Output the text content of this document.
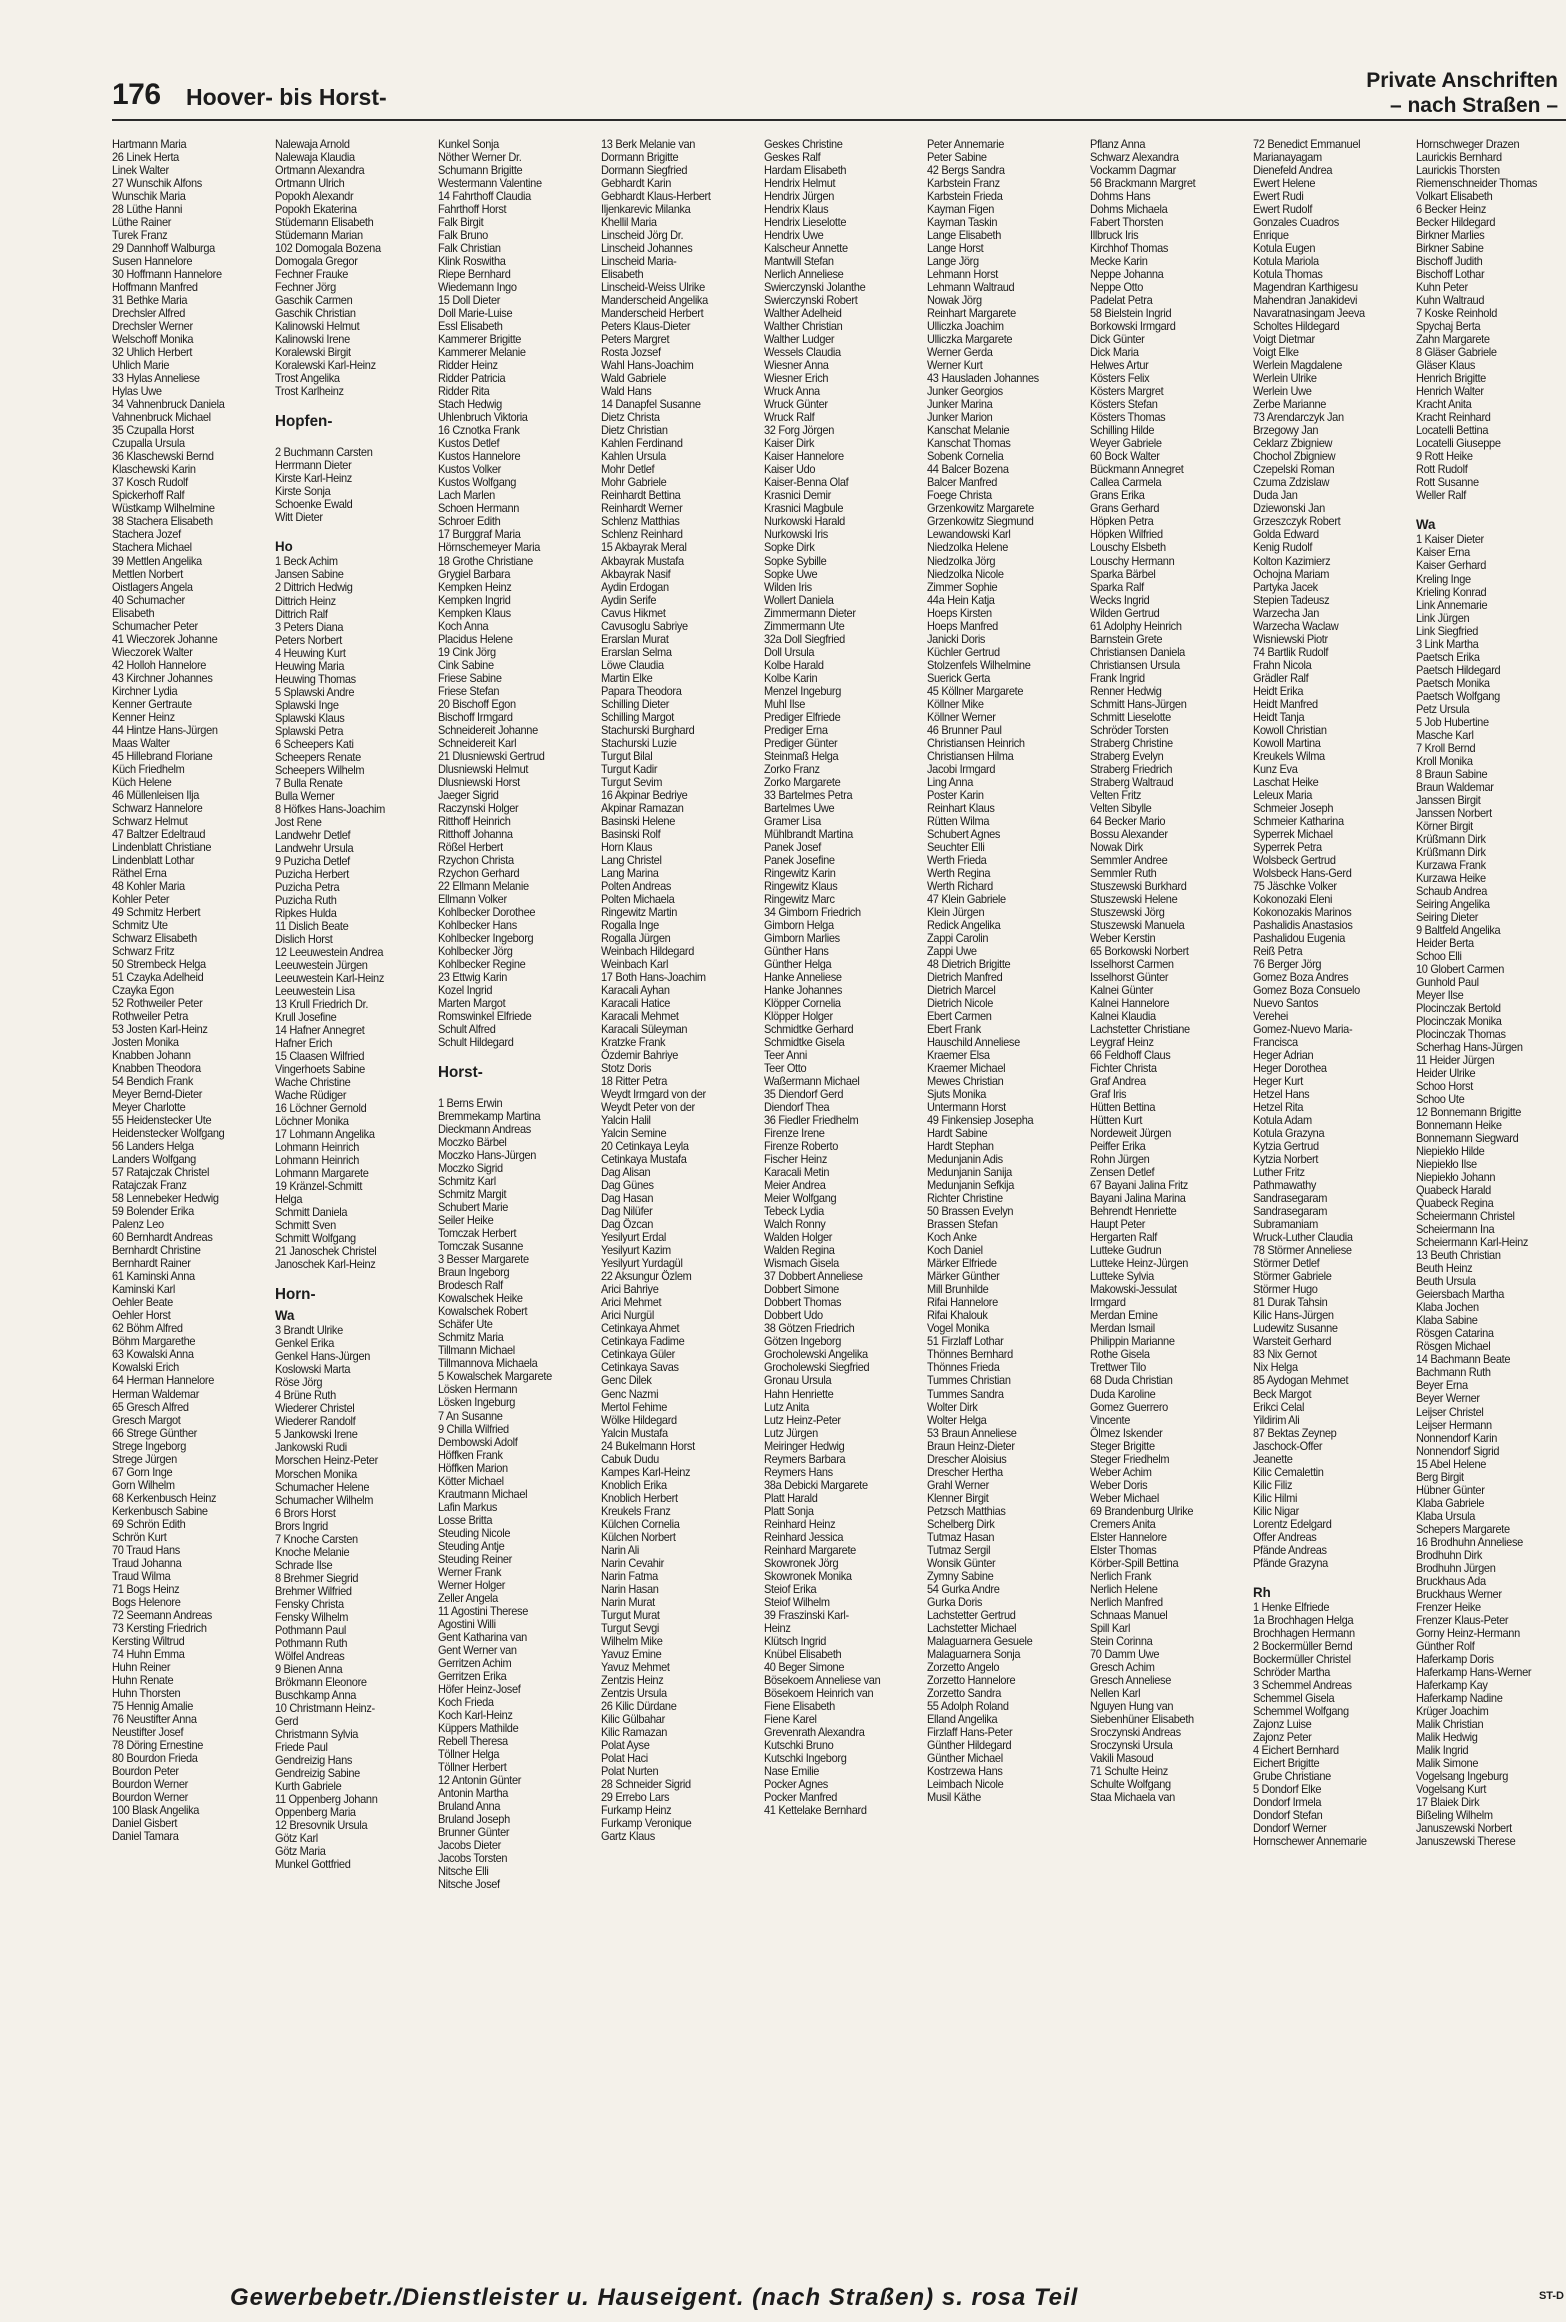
176 Hoover- bis Horst-
Private Anschriften
– nach Straßen –
Hartmann Maria
26 Linek Herta
Linek Walter
27 Wunschik Alfons
Wunschik Maria
28 Lüthe Hanni
Lüthe Rainer
Turek Franz
29 Dannhoff Walburga
Susen Hannelore
30 Hoffmann Hannelore
Hoffmann Manfred
31 Bethke Maria
Drechsler Alfred
Drechsler Werner
Welschoff Monika
32 Uhlich Herbert
Uhlich Marie
33 Hylas Anneliese
Hylas Uwe
34 Vahnenbruck Daniela
Vahnenbruck Michael
35 Czupalla Horst
Czupalla Ursula
36 Klaschewski Bernd
Klaschewski Karin
37 Kosch Rudolf
Spickerhoff Ralf
Wüstkamp Wilhelmine
38 Stachera Elisabeth
Stachera Jozef
Stachera Michael
39 Mettlen Angelika
Mettlen Norbert
Oistlagers Angela
40 Schumacher
Elisabeth
Schumacher Peter
41 Wieczorek Johanne
Wieczorek Walter
42 Holloh Hannelore
43 Kirchner Johannes
Kirchner Lydia
Kenner Gertraute
Kenner Heinz
44 Hintze Hans-Jürgen
Maas Walter
45 Hillebrand Floriane
Küch Friedhelm
Küch Helene
46 Müllenleisen Ilja
Schwarz Hannelore
Schwarz Helmut
47 Baltzer Edeltraud
Lindenblatt Christiane
Lindenblatt Lothar
Räthel Erna
48 Kohler Maria
Kohler Peter
49 Schmitz Herbert
Schmitz Ute
Schwarz Elisabeth
Schwarz Fritz
50 Strembeck Helga
51 Czayka Adelheid
Czayka Egon
52 Rothweiler Peter
Rothweiler Petra
53 Josten Karl-Heinz
Josten Monika
Knabben Johann
Knabben Theodora
54 Bendich Frank
Meyer Bernd-Dieter
Meyer Charlotte
55 Heidenstecker Ute
Heidenstecker Wolfgang
56 Landers Helga
Landers Wolfgang
57 Ratajczak Christel
Ratajczak Franz
58 Lennebeker Hedwig
59 Bolender Erika
Palenz Leo
60 Bernhardt Andreas
Bernhardt Christine
Bernhardt Rainer
61 Kaminski Anna
Kaminski Karl
Oehler Beate
Oehler Horst
62 Böhm Alfred
Böhm Margarethe
63 Kowalski Anna
Kowalski Erich
64 Herman Hannelore
Herman Waldemar
65 Gresch Alfred
Gresch Margot
66 Strege Günther
Strege Ingeborg
Strege Jürgen
67 Gorn Inge
Gorn Wilhelm
68 Kerkenbusch Heinz
Kerkenbusch Sabine
69 Schrön Edith
Schrön Kurt
70 Traud Hans
Traud Johanna
Traud Wilma
71 Bogs Heinz
Bogs Helenore
72 Seemann Andreas
73 Kersting Friedrich
Kersting Wiltrud
74 Huhn Emma
Huhn Reiner
Huhn Renate
Huhn Thorsten
75 Hennig Amalie
76 Neustifter Anna
Neustifter Josef
78 Döring Ernestine
80 Bourdon Frieda
Bourdon Peter
Bourdon Werner
Bourdon Werner
100 Blask Angelika
Daniel Gisbert
Daniel Tamara
Nalewaja Arnold
Nalewaja Klaudia
Ortmann Alexandra
Ortmann Ulrich
Popokh Alexandr
Popokh Ekaterina
Stüdemann Elisabeth
Stüdemann Marian
102 Domogala Bozena
Domogala Gregor
Fechner Frauke
Fechner Jörg
Gaschik Carmen
Gaschik Christian
Kalinowski Helmut
Kalinowski Irene
Koralewski Birgit
Koralewski Karl-Heinz
Trost Angelika
Trost Karlheinz

Hopfen-

2 Buchmann Carsten
Herrmann Dieter
Kirste Karl-Heinz
Kirste Sonja
Schoenke Ewald
Witt Dieter

Ho
1 Beck Achim
Jansen Sabine
2 Dittrich Hedwig
Dittrich Heinz
Dittrich Ralf
3 Peters Diana
Peters Norbert
4 Heuwing Kurt
Heuwing Maria
Heuwing Thomas
5 Splawski Andre
Splawski Inge
Splawski Klaus
Splawski Petra
6 Scheepers Kati
Scheepers Renate
Scheepers Wilhelm
7 Bulla Renate
Bulla Werner
8 Höfkes Hans-Joachim
Jost Rene
Landwehr Detlef
Landwehr Ursula
9 Puzicha Detlef
Puzicha Herbert
Puzicha Petra
Puzicha Ruth
Ripkes Hulda
11 Dislich Beate
Dislich Horst
12 Leeuwestein Andrea
Leeuwestein Jürgen
Leeuwestein Karl-Heinz
Leeuwestein Lisa
13 Krull Friedrich Dr.
Krull Josefine
14 Hafner Annegret
Hafner Erich
15 Claasen Wilfried
Vingerhoets Sabine
Wache Christine
Wache Rüdiger
16 Löchner Gernold
Löchner Monika
17 Lohmann Angelika
Lohmann Heinrich
Lohmann Heinrich
Lohmann Margarete
19 Kränzel-Schmitt
Helga
Schmitt Daniela
Schmitt Sven
Schmitt Wolfgang
21 Janoschek Christel
Janoschek Karl-Heinz

Horn-
Wa
3 Brandt Ulrike
Genkel Erika
Genkel Hans-Jürgen
Koslowski Marta
Röse Jörg
4 Brüne Ruth
Wiederer Christel
Wiederer Randolf
5 Jankowski Irene
Jankowski Rudi
Morschen Heinz-Peter
Morschen Monika
Schumacher Helene
Schumacher Wilhelm
6 Brors Horst
Brors Ingrid
7 Knoche Carsten
Knoche Melanie
Schrade Ilse
8 Brehmer Siegrid
Brehmer Wilfried
Fensky Christa
Fensky Wilhelm
Pothmann Paul
Pothmann Ruth
Wölfel Andreas
9 Bienen Anna
Brökmann Eleonore
Buschkamp Anna
10 Christmann Heinz-
Gerd
Christmann Sylvia
Friede Paul
Gendreizig Hans
Gendreizig Sabine
Kurth Gabriele
11 Oppenberg Johann
Oppenberg Maria
12 Bresovnik Ursula
Götz Karl
Götz Maria
Munkel Gottfried
Kunkel Sonja
Nöther Werner Dr.
Schumann Brigitte
Westermann Valentine
14 Fahrthoff Claudia
Fahrthoff Horst
Falk Birgit
Falk Bruno
Falk Christian
Klink Roswitha
Riepe Bernhard
Wiedemann Ingo
15 Doll Dieter
Doll Marie-Luise
Essl Elisabeth
Kammerer Brigitte
Kammerer Melanie
Ridder Heinz
Ridder Patricia
Ridder Rita
Stach Hedwig
Uhlenbruch Viktoria
16 Cznotka Frank
Kustos Detlef
Kustos Hannelore
Kustos Volker
Kustos Wolfgang
Lach Marlen
Schoen Hermann
Schroer Edith
17 Burggraf Maria
Hörnschemeyer Maria
18 Grothe Christiane
Grygiel Barbara
Kempken Heinz
Kempken Ingrid
Kempken Klaus
Koch Anna
Placidus Helene
19 Cink Jörg
Cink Sabine
Friese Sabine
Friese Stefan
20 Bischoff Egon
Bischoff Irmgard
Schneidereit Johanne
Schneidereit Karl
21 Dlusniewski Gertrud
Dlusniewski Helmut
Dlusniewski Horst
Jaeger Sigrid
Raczynski Holger
Ritthoff Heinrich
Ritthoff Johanna
Rößel Herbert
Rzychon Christa
Rzychon Gerhard
22 Ellmann Melanie
Ellmann Volker
Kohlbecker Dorothee
Kohlbecker Hans
Kohlbecker Ingeborg
Kohlbecker Jörg
Kohlbecker Regine
23 Ettwig Karin
Kozel Ingrid
Marten Margot
Romswinkel Elfriede
Schult Alfred
Schult Hildegard

Horst-

1 Berns Erwin
Bremmekamp Martina
Dieckmann Andreas
Moczko Bärbel
Moczko Hans-Jürgen
Moczko Sigrid
Schmitz Karl
Schmitz Margit
Schubert Marie
Seiler Heike
Tomczak Herbert
Tomczak Susanne
3 Besser Margarete
Braun Ingeborg
Brodesch Ralf
Kowalschek Heike
Kowalschek Robert
Schäfer Ute
Schmitz Maria
Tillmann Michael
Tillmannova Michaela
5 Kowalschek Margarete
Lösken Hermann
Lösken Ingeburg
7 An Susanne
9 Chilla Wilfried
Dembowski Adolf
Höffken Frank
Höffken Marion
Kötter Michael
Krautmann Michael
Lafin Markus
Losse Britta
Steuding Nicole
Steuding Antje
Steuding Reiner
Werner Frank
Werner Holger
Zeller Angela
11 Agostini Therese
Agostini Willi
Gent Katharina van
Gent Werner van
Gerritzen Achim
Gerritzen Erika
Höfer Heinz-Josef
Koch Frieda
Koch Karl-Heinz
Küppers Mathilde
Rebell Theresa
Töllner Helga
Töllner Herbert
12 Antonin Günter
Antonin Martha
Bruland Anna
Bruland Joseph
Brunner Günter
Jacobs Dieter
Jacobs Torsten
Nitsche Elli
Nitsche Josef
13 Berk Melanie van
Dormann Brigitte
Dormann Siegfried
Gebhardt Karin
Gebhardt Klaus-Herbert
Iljenkarevic Milanka
Khellil Maria
Linscheid Jörg Dr.
Linscheid Johannes
Linscheid Maria-
Elisabeth
Linscheid-Weiss Ulrike
Manderscheid Angelika
Manderscheid Herbert
Peters Klaus-Dieter
Peters Margret
Rosta Jozsef
Wahl Hans-Joachim
Wald Gabriele
Wald Hans
14 Danapfel Susanne
Dietz Christa
Dietz Christian
Kahlen Ferdinand
Kahlen Ursula
Mohr Detlef
Mohr Gabriele
Reinhardt Bettina
Reinhardt Werner
Schlenz Matthias
Schlenz Reinhard
15 Akbayrak Meral
Akbayrak Mustafa
Akbayrak Nasif
Aydin Erdogan
Aydin Serife
Cavus Hikmet
Cavusoglu Sabriye
Erarslan Murat
Erarslan Selma
Löwe Claudia
Martin Elke
Papara Theodora
Schilling Dieter
Schilling Margot
Stachurski Burghard
Stachurski Luzie
Turgut Bilal
Turgut Kadir
Turgut Sevim
16 Akpinar Bedriye
Akpinar Ramazan
Basinski Helene
Basinski Rolf
Horn Klaus
Lang Christel
Lang Marina
Polten Andreas
Polten Michaela
Ringewitz Martin
Rogalla Inge
Rogalla Jürgen
Weinbach Hildegard
Weinbach Karl
17 Both Hans-Joachim
Karacali Ayhan
Karacali Hatice
Karacali Mehmet
Karacali Süleyman
Kratzke Frank
Özdemir Bahriye
Stotz Doris
18 Ritter Petra
Weydt Irmgard von der
Weydt Peter von der
Yalcin Halil
Yalcin Semine
20 Cetinkaya Leyla
Cetinkaya Mustafa
Dag Alisan
Dag Günes
Dag Hasan
Dag Nilüfer
Dag Özcan
Yesilyurt Erdal
Yesilyurt Kazim
Yesilyurt Yurdagül
22 Aksungur Özlem
Arici Bahriye
Arici Mehmet
Arici Nurgül
Cetinkaya Ahmet
Cetinkaya Fadime
Cetinkaya Güler
Cetinkaya Savas
Genc Dilek
Genc Nazmi
Mertol Fehime
Wölke Hildegard
Yalcin Mustafa
24 Bukelmann Horst
Cabuk Dudu
Kampes Karl-Heinz
Knoblich Erika
Knoblich Herbert
Kreukels Franz
Külchen Cornelia
Külchen Norbert
Narin Ali
Narin Cevahir
Narin Fatma
Narin Hasan
Narin Murat
Turgut Murat
Turgut Sevgi
Wilhelm Mike
Yavuz Emine
Yavuz Mehmet
Zentzis Heinz
Zentzis Ursula
26 Kilic Dürdane
Kilic Gülbahar
Kilic Ramazan
Polat Ayse
Polat Haci
Polat Nurten
28 Schneider Sigrid
29 Errebo Lars
Furkamp Heinz
Furkamp Veronique
Gartz Klaus
Geskes Christine
Geskes Ralf
Hardam Elisabeth
Hendrix Helmut
Hendrix Jürgen
Hendrix Klaus
Hendrix Lieselotte
Hendrix Uwe
Kalscheur Annette
Mantwill Stefan
Nerlich Anneliese
Swierczynski Jolanthe
Swierczynski Robert
Walther Adelheid
Walther Christian
Walther Ludger
Wessels Claudia
Wiesner Anna
Wiesner Erich
Wruck Anna
Wruck Günter
Wruck Ralf
32 Forg Jörgen
Kaiser Dirk
Kaiser Hannelore
Kaiser Udo
Kaiser-Benna Olaf
Krasnici Demir
Krasnici Magbule
Nurkowski Harald
Nurkowski Iris
Sopke Dirk
Sopke Sybille
Sopke Uwe
Wilden Iris
Wollert Daniela
Zimmermann Dieter
Zimmermann Ute
32a Doll Siegfried
Doll Ursula
Kolbe Harald
Kolbe Karin
Menzel Ingeburg
Muhl Ilse
Prediger Elfriede
Prediger Erna
Prediger Günter
Steinmaß Helga
Zorko Franz
Zorko Margarete
33 Bartelmes Petra
Bartelmes Uwe
Gramer Lisa
Mühlbrandt Martina
Panek Josef
Panek Josefine
Ringewitz Karin
Ringewitz Klaus
Ringewitz Marc
34 Gimborn Friedrich
Gimborn Helga
Gimborn Marlies
Günther Hans
Günther Helga
Hanke Anneliese
Hanke Johannes
Klöpper Cornelia
Klöpper Holger
Schmidtke Gerhard
Schmidtke Gisela
Teer Anni
Teer Otto
Waßermann Michael
35 Diendorf Gerd
Diendorf Thea
36 Fiedler Friedhelm
Firenze Irene
Firenze Roberto
Fischer Heinz
Karacali Metin
Meier Andrea
Meier Wolfgang
Tebeck Lydia
Walch Ronny
Walden Holger
Walden Regina
Wismach Gisela
37 Dobbert Anneliese
Dobbert Simone
Dobbert Thomas
Dobbert Udo
38 Götzen Friedrich
Götzen Ingeborg
Grocholewski Angelika
Grocholewski Siegfried
Gronau Ursula
Hahn Henriette
Lutz Anita
Lutz Heinz-Peter
Lutz Jürgen
Meiringer Hedwig
Reymers Barbara
Reymers Hans
38a Debicki Margarete
Platt Harald
Platt Sonja
Reinhard Heinz
Reinhard Jessica
Reinhard Margarete
Skowronek Jörg
Skowronek Monika
Steiof Erika
Steiof Wilhelm
39 Fraszinski Karl-
Heinz
Klütsch Ingrid
Knübel Elisabeth
40 Beger Simone
Bösekoem Anneliese van
Bösekoem Heinrich van
Fiene Elisabeth
Fiene Karel
Grevenrath Alexandra
Kutschki Bruno
Kutschki Ingeborg
Nase Emilie
Pocker Agnes
Pocker Manfred
41 Kettelake Bernhard
Peter Annemarie
Peter Sabine
42 Bergs Sandra
Karbstein Franz
Karbstein Frieda
Kayman Figen
Kayman Taskin
Lange Elisabeth
Lange Horst
Lange Jörg
Lehmann Horst
Lehmann Waltraud
Nowak Jörg
Reinhart Margarete
Ulliczka Joachim
Ulliczka Margarete
Werner Gerda
Werner Kurt
43 Hausladen Johannes
Junker Georgios
Junker Marina
Junker Marion
Kanschat Melanie
Kanschat Thomas
Sobenk Cornelia
44 Balcer Bozena
Balcer Manfred
Foege Christa
Grzenkowitz Margarete
Grzenkowitz Siegmund
Lewandowski Karl
Niedzolka Helene
Niedzolka Jörg
Niedzolka Nicole
Zimmer Sophie
44a Hein Katja
Hoeps Kirsten
Hoeps Manfred
Janicki Doris
Küchler Gertrud
Stolzenfels Wilhelmine
Suerick Gerta
45 Köllner Margarete
Köllner Mike
Köllner Werner
46 Brunner Paul
Christiansen Heinrich
Christiansen Hilma
Jacobi Irmgard
Ling Anna
Poster Karin
Reinhart Klaus
Rütten Wilma
Schubert Agnes
Seuchter Elli
Werth Frieda
Werth Regina
Werth Richard
47 Klein Gabriele
Klein Jürgen
Redick Angelika
Zappi Carolin
Zappi Uwe
48 Dietrich Brigitte
Dietrich Manfred
Dietrich Marcel
Dietrich Nicole
Ebert Carmen
Ebert Frank
Hauschild Anneliese
Kraemer Elsa
Kraemer Michael
Mewes Christian
Sjuts Monika
Untermann Horst
49 Finkensiep Josepha
Hardt Sabine
Hardt Stephan
Medunjanin Adis
Medunjanin Sanija
Medunjanin Sefkija
Richter Christine
50 Brassen Evelyn
Brassen Stefan
Koch Anke
Koch Daniel
Märker Elfriede
Märker Günther
Mill Brunhilde
Rifai Hannelore
Rifai Khalouk
Vogel Monika
51 Firzlaff Lothar
Thönnes Bernhard
Thönnes Frieda
Tummes Christian
Tummes Sandra
Wolter Dirk
Wolter Helga
53 Braun Anneliese
Braun Heinz-Dieter
Drescher Aloisius
Drescher Hertha
Grahl Werner
Klenner Birgit
Petzsch Matthias
Schelberg Dirk
Tutmaz Hasan
Tutmaz Sergil
Wonsik Günter
Zymny Sabine
54 Gurka Andre
Gurka Doris
Lachstetter Gertrud
Lachstetter Michael
Malaguarnera Gesuele
Malaguarnera Sonja
Zorzetto Angelo
Zorzetto Hannelore
Zorzetto Sandra
55 Adolph Roland
Elland Angelika
Firzlaff Hans-Peter
Günther Hildegard
Günther Michael
Kostrzewa Hans
Leimbach Nicole
Musil Käthe
Pflanz Anna
Schwarz Alexandra
Vockamm Dagmar
56 Brackmann Margret
Dohms Hans
Dohms Michaela
Fabert Thorsten
Illbruck Iris
Kirchhof Thomas
Mecke Karin
Neppe Johanna
Neppe Otto
Padelat Petra
58 Bielstein Ingrid
Borkowski Irmgard
Dick Günter
Dick Maria
Helwes Artur
Kösters Felix
Kösters Margret
Kösters Stefan
Kösters Thomas
Schilling Hilde
Weyer Gabriele
60 Bock Walter
Bückmann Annegret
Callea Carmela
Grans Erika
Grans Gerhard
Höpken Petra
Höpken Wilfried
Louschy Elsbeth
Louschy Hermann
Sparka Bärbel
Sparka Ralf
Wecks Ingrid
Wilden Gertrud
61 Adolphy Heinrich
Barnstein Grete
Christiansen Daniela
Christiansen Ursula
Frank Ingrid
Renner Hedwig
Schmitt Hans-Jürgen
Schmitt Lieselotte
Schröder Torsten
Straberg Christine
Straberg Evelyn
Straberg Friedrich
Straberg Waltraud
Velten Fritz
Velten Sibylle
64 Becker Mario
Bossu Alexander
Nowak Dirk
Semmler Andree
Semmler Ruth
Stuszewski Burkhard
Stuszewski Helene
Stuszewski Jörg
Stuszewski Manuela
Weber Kerstin
65 Borkowski Norbert
Isselhorst Carmen
Isselhorst Günter
Kalnei Günter
Kalnei Hannelore
Kalnei Klaudia
Lachstetter Christiane
Leygraf Heinz
66 Feldhoff Claus
Fichter Christa
Graf Andrea
Graf Iris
Hütten Bettina
Hütten Kurt
Nordeweit Jürgen
Peiffer Erika
Rohn Jürgen
Zensen Detlef
67 Bayani Jalina Fritz
Bayani Jalina Marina
Behrendt Henriette
Haupt Peter
Hergarten Ralf
Lutteke Gudrun
Lutteke Heinz-Jürgen
Lutteke Sylvia
Makowski-Jessulat
Irmgard
Merdan Emine
Merdan Ismail
Philippin Marianne
Rothe Gisela
Trettwer Tilo
68 Duda Christian
Duda Karoline
Gomez Guerrero
Vincente
Ölmez Iskender
Steger Brigitte
Steger Friedhelm
Weber Achim
Weber Doris
Weber Michael
69 Brandenburg Ulrike
Cremers Anita
Elster Hannelore
Elster Thomas
Körber-Spill Bettina
Nerlich Frank
Nerlich Helene
Nerlich Manfred
Schnaas Manuel
Spill Karl
Stein Corinna
70 Damm Uwe
Gresch Achim
Gresch Anneliese
Nellen Karl
Nguyen Hung van
Siebenhüner Elisabeth
Sroczynski Andreas
Sroczynski Ursula
Vakili Masoud
71 Schulte Heinz
Schulte Wolfgang
Staa Michaela van
72 Benedict Emmanuel
Marianayagam
Dienefeld Andrea
Ewert Helene
Ewert Rudi
Ewert Rudolf
Gonzales Cuadros
Enrique
Kotula Eugen
Kotula Mariola
Kotula Thomas
Magendran Karthigesu
Mahendran Janakidevi
Navaratnasingam Jeeva
Scholtes Hildegard
Voigt Dietmar
Voigt Elke
Werlein Magdalene
Werlein Ulrike
Werlein Uwe
Zerbe Marianne
73 Arendarczyk Jan
Brzegowy Jan
Ceklarz Zbigniew
Chochol Zbigniew
Czepelski Roman
Czuma Zdzislaw
Duda Jan
Dziewonski Jan
Grzeszczyk Robert
Golda Edward
Kenig Rudolf
Kolton Kazimierz
Ochojna Mariam
Partyka Jacek
Stepien Tadeusz
Warzecha Jan
Warzecha Waclaw
Wisniewski Piotr
74 Bartlik Rudolf
Frahn Nicola
Grädler Ralf
Heidt Erika
Heidt Manfred
Heidt Tanja
Kowoll Christian
Kowoll Martina
Kreukels Wilma
Kunz Eva
Laschat Heike
Leleux Maria
Schmeier Joseph
Schmeier Katharina
Syperrek Michael
Syperrek Petra
Wolsbeck Gertrud
Wolsbeck Hans-Gerd
75 Jäschke Volker
Kokonozaki Eleni
Kokonozakis Marinos
Pashalidis Anastasios
Pashalidou Eugenia
Reiß Petra
76 Berger Jörg
Gomez Boza Andres
Gomez Boza Consuelo
Nuevo Santos
Verehei
Gomez-Nuevo Maria-
Francisca
Heger Adrian
Heger Dorothea
Heger Kurt
Hetzel Hans
Hetzel Rita
Kotula Adam
Kotula Grazyna
Kytzia Gertrud
Kytzia Norbert
Luther Fritz
Pathmawathy
Sandrasegaram
Sandrasegaram
Subramaniam
Wruck-Luther Claudia
78 Störmer Anneliese
Störmer Detlef
Störmer Gabriele
Störmer Hugo
81 Durak Tahsin
Kilic Hans-Jürgen
Ludewitz Susanne
Warsteit Gerhard
83 Nix Gernot
Nix Helga
85 Aydogan Mehmet
Beck Margot
Erikci Celal
Yildirim Ali
87 Bektas Zeynep
Jaschock-Offer
Jeanette
Kilic Cemalettin
Kilic Filiz
Kilic Hilmi
Kilic Nigar
Lorentz Edelgard
Offer Andreas
Pfände Andreas
Pfände Grazyna

Rh
1 Henke Elfriede
1a Brochhagen Helga
Brochhagen Hermann
2 Bockermüller Bernd
Bockermüller Christel
Schröder Martha
3 Schemmel Andreas
Schemmel Gisela
Schemmel Wolfgang
Zajonz Luise
Zajonz Peter
4 Eichert Bernhard
Eichert Brigitte
Grube Christiane
5 Dondorf Elke
Dondorf Irmela
Dondorf Stefan
Dondorf Werner
Hornschewer Annemarie
Hornschweger Drazen
Laurickis Bernhard
Laurickis Thorsten
Riemenschneider Thomas
Volkart Elisabeth
6 Becker Heinz
Becker Hildegard
Birkner Marlies
Birkner Sabine
Bischoff Judith
Bischoff Lothar
Kuhn Peter
Kuhn Waltraud
7 Koske Reinhold
Spychaj Berta
Zahn Margarete
8 Gläser Gabriele
Gläser Klaus
Henrich Brigitte
Henrich Walter
Kracht Anita
Kracht Reinhard
Locatelli Bettina
Locatelli Giuseppe
9 Rott Heike
Rott Rudolf
Rott Susanne
Weller Ralf

Wa
1 Kaiser Dieter
Kaiser Erna
Kaiser Gerhard
Kreling Inge
Krieling Konrad
Link Annemarie
Link Jürgen
Link Siegfried
3 Link Martha
Paetsch Erika
Paetsch Hildegard
Paetsch Monika
Paetsch Wolfgang
Petz Ursula
5 Job Hubertine
Masche Karl
7 Kroll Bernd
Kroll Monika
8 Braun Sabine
Braun Waldemar
Janssen Birgit
Janssen Norbert
Körner Birgit
Krüßmann Dirk
Krüßmann Dirk
Kurzawa Frank
Kurzawa Heike
Schaub Andrea
Seiring Angelika
Seiring Dieter
9 Baltfeld Angelika
Heider Berta
Schoo Elli
10 Globert Carmen
Gunhold Paul
Meyer Ilse
Plocinczak Bertold
Plocinczak Monika
Plocinczak Thomas
Scherhag Hans-Jürgen
11 Heider Jürgen
Heider Ulrike
Schoo Horst
Schoo Ute
12 Bonnemann Brigitte
Bonnemann Heike
Bonnemann Siegward
Niepiekło Hilde
Niepiekło Ilse
Niepiekło Johann
Quabeck Harald
Quabeck Regina
Scheiermann Christel
Scheiermann Ina
Scheiermann Karl-Heinz
13 Beuth Christian
Beuth Heinz
Beuth Ursula
Geiersbach Martha
Klaba Jochen
Klaba Sabine
Rösgen Catarina
Rösgen Michael
14 Bachmann Beate
Bachmann Ruth
Beyer Erna
Beyer Werner
Leijser Christel
Leijser Hermann
Nonnendorf Karin
Nonnendorf Sigrid
15 Abel Helene
Berg Birgit
Hübner Günter
Klaba Gabriele
Klaba Ursula
Schepers Margarete
16 Brodhuhn Anneliese
Brodhuhn Dirk
Brodhuhn Jürgen
Bruckhaus Ada
Bruckhaus Werner
Frenzer Heike
Frenzer Klaus-Peter
Gorny Heinz-Hermann
Günther Rolf
Haferkamp Doris
Haferkamp Hans-Werner
Haferkamp Kay
Haferkamp Nadine
Krüger Joachim
Malik Christian
Malik Hedwig
Malik Ingrid
Malik Simone
Vogelsang Ingeburg
Vogelsang Kurt
17 Blaiek Dirk
Bißeling Wilhelm
Januszewski Norbert
Januszewski Therese
Gewerbebetr./Dienstleister u. Hauseigent. (nach Straßen) s. rosa Teil	ST-D
